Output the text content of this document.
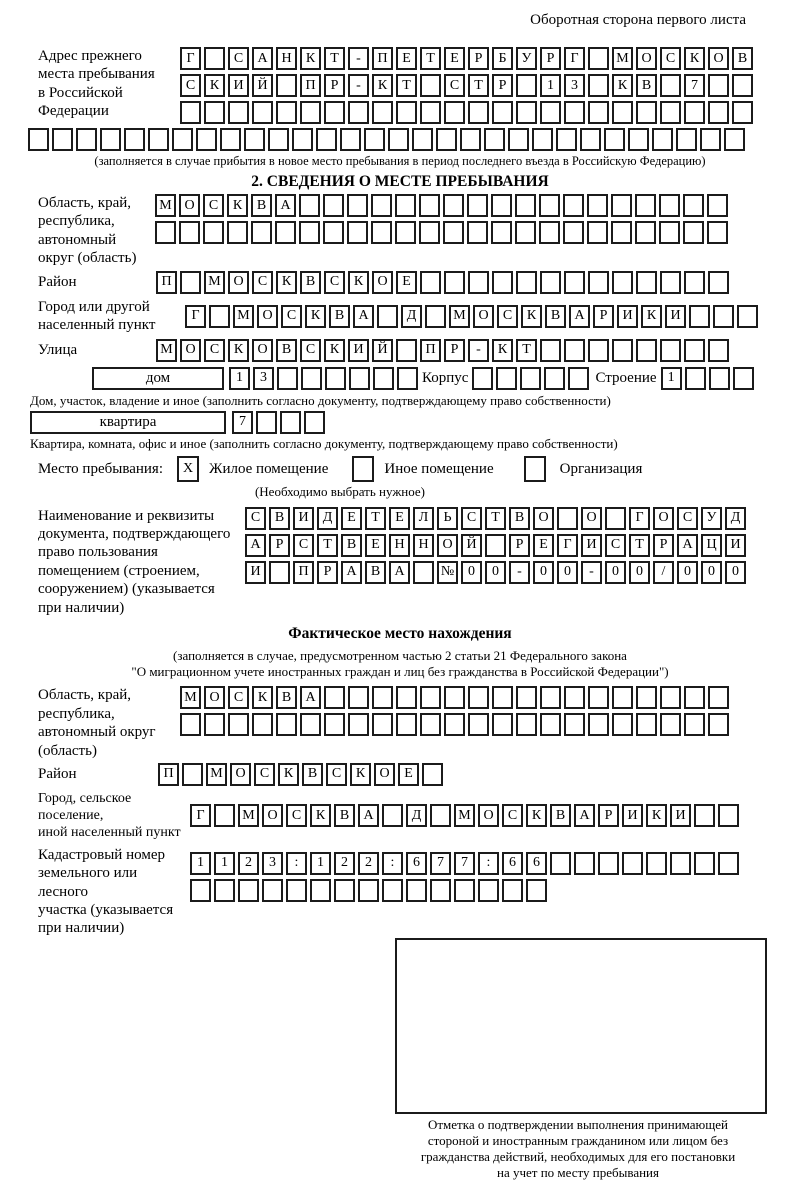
Оборотная сторона первого листа
Адрес прежнего
места пребывания
в Российской
Федерации
Г	С	А Н	К	Т	-	П	Е	Т	Е	Р	Б	У	Р	Г	М О	С	К	О	В
С	К	И Й	П	Р	-	К	Т	С	Т	Р	1	3	К	В	7
(заполняется в случае прибытия в новое место пребывания в период последнего въезда в Российскую Федерацию)
2. СВЕДЕНИЯ О МЕСТЕ ПРЕБЫВАНИЯ
Область, край,
республика,
автономный
округ (область)
М О	С	К	В	А
Район	П	М О	С	К	В	С	К	О	Е
Город или другой
населенный пункт
Г	М О	С	К	В	А	Д	М О	С	К	В	А	Р	И	К	И
Улица	М О	С	К	О	В	С	К	И Й	П	Р	-	К	Т
дом	1	3	Корпус	Строение 1
Дом, участок, владение и иное (заполнить согласно документу, подтверждающему право собственности)
квартира	7
Квартира, комната, офис и иное (заполнить согласно документу, подтверждающему право собственности)
Место пребывания:	X	Жилое помещение	Иное помещение	Организация
(Необходимо выбрать нужное)
Наименование и реквизиты
документа, подтверждающего
право пользования
помещением (строением,
сооружением) (указывается
при наличии)
С	В	И	Д	Е	Т	Е	Л	Ь	С	Т	В	О	О	Г	О	С	У	Д
А	Р	С	Т	В	Е	Н Н О Й	Р	Е	Г	И	С	Т	Р	А Ц И
И	П	Р	А	В	А	№ 0	0	-	0	0	-	0	0	/	0	0	0
Фактическое место нахождения
(заполняется в случае, предусмотренном частью 2 статьи 21 Федерального закона
"О миграционном учете иностранных граждан и лиц без гражданства в Российской Федерации")
Область, край,
республика,
автономный округ
(область)
М О	С	К	В	А
Район	П	М О	С	К	В	С	К	О	Е
Город, сельское поселение,
иной населенный пункт
Г	М О	С	К	В	А	Д	М О	С	К	В	А	Р	И	К	И
Кадастровый номер
земельного или лесного
участка (указывается
при наличии)
1	1	2	3	:	1	2	2	:	6	7	7	:	6	6
Отметка о подтверждении выполнения принимающей
стороной и иностранным гражданином или лицом без
гражданства действий, необходимых для его постановки
на учет по месту пребывания
